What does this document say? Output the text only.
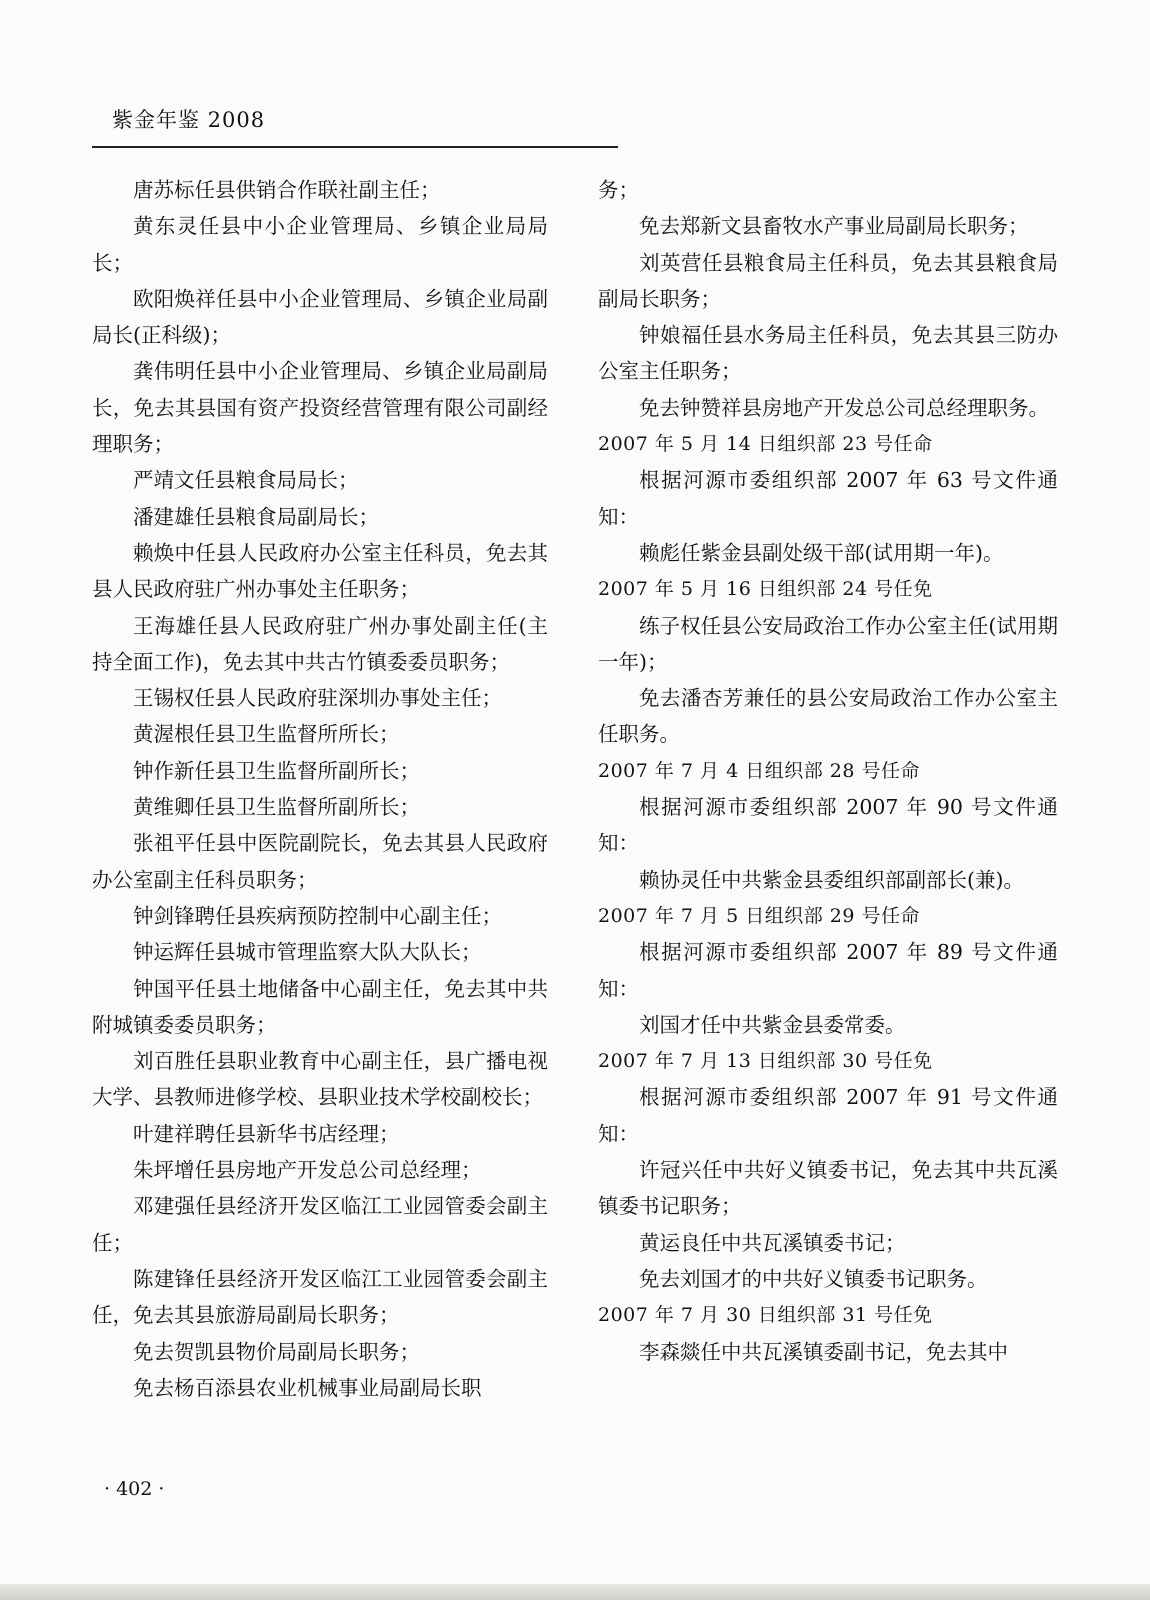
紫金年鉴 2008

唐苏标任县供销合作联社副主任；

黄东灵任县中小企业管理局、乡镇企业局局长；

欧阳焕祥任县中小企业管理局、乡镇企业局副局长(正科级)；

龚伟明任县中小企业管理局、乡镇企业局副局长，免去其县国有资产投资经营管理有限公司副经理职务；

严靖文任县粮食局局长；

潘建雄任县粮食局副局长；

赖焕中任县人民政府办公室主任科员，免去其县人民政府驻广州办事处主任职务；

王海雄任县人民政府驻广州办事处副主任(主持全面工作)，免去其中共古竹镇委委员职务；

王锡权任县人民政府驻深圳办事处主任；

黄渥根任县卫生监督所所长；

钟作新任县卫生监督所副所长；

黄维卿任县卫生监督所副所长；

张祖平任县中医院副院长，免去其县人民政府办公室副主任科员职务；

钟剑锋聘任县疾病预防控制中心副主任；

钟运辉任县城市管理监察大队大队长；

钟国平任县土地储备中心副主任，免去其中共附城镇委委员职务；

刘百胜任县职业教育中心副主任，县广播电视大学、县教师进修学校、县职业技术学校副校长；

叶建祥聘任县新华书店经理；

朱坪增任县房地产开发总公司总经理；

邓建强任县经济开发区临江工业园管委会副主任；

陈建锋任县经济开发区临江工业园管委会副主任，免去其县旅游局副局长职务；

免去贺凯县物价局副局长职务；

免去杨百添县农业机械事业局副局长职

务；

免去郑新文县畜牧水产事业局副局长职务；

刘英营任县粮食局主任科员，免去其县粮食局副局长职务；

钟娘福任县水务局主任科员，免去其县三防办公室主任职务；

免去钟赞祥县房地产开发总公司总经理职务。

2007 年 5 月 14 日组织部 23 号任命

根据河源市委组织部 2007 年 63 号文件通知：

赖彪任紫金县副处级干部(试用期一年)。

2007 年 5 月 16 日组织部 24 号任免

练子权任县公安局政治工作办公室主任(试用期一年)；

免去潘杏芳兼任的县公安局政治工作办公室主任职务。

2007 年 7 月 4 日组织部 28 号任命

根据河源市委组织部 2007 年 90 号文件通知：

赖协灵任中共紫金县委组织部副部长(兼)。

2007 年 7 月 5 日组织部 29 号任命

根据河源市委组织部 2007 年 89 号文件通知：

刘国才任中共紫金县委常委。

2007 年 7 月 13 日组织部 30 号任免

根据河源市委组织部 2007 年 91 号文件通知：

许冠兴任中共好义镇委书记，免去其中共瓦溪镇委书记职务；

黄运良任中共瓦溪镇委书记；

免去刘国才的中共好义镇委书记职务。

2007 年 7 月 30 日组织部 31 号任免

李森燚任中共瓦溪镇委副书记，免去其中

· 402 ·
